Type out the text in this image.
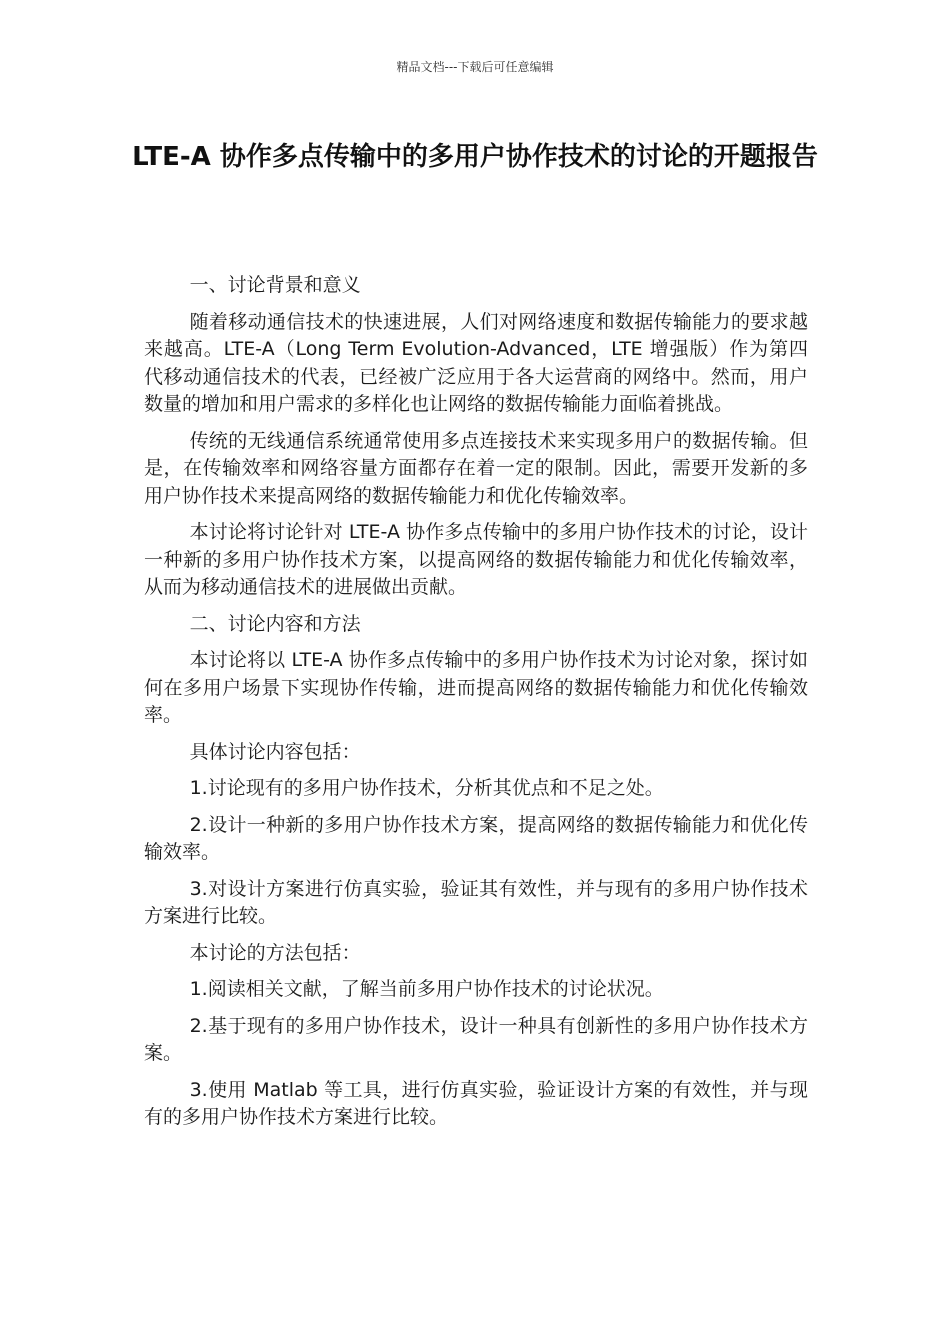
精品文档---下载后可任意编辑
LTE-A 协作多点传输中的多用户协作技术的讨论的开题报告

一、讨论背景和意义

随着移动通信技术的快速进展，人们对网络速度和数据传输能力的要求越来越高。LTE-A（Long Term Evolution-Advanced，LTE 增强版）作为第四代移动通信技术的代表，已经被广泛应用于各大运营商的网络中。然而，用户数量的增加和用户需求的多样化也让网络的数据传输能力面临着挑战。

传统的无线通信系统通常使用多点连接技术来实现多用户的数据传输。但是，在传输效率和网络容量方面都存在着一定的限制。因此，需要开发新的多用户协作技术来提高网络的数据传输能力和优化传输效率。

本讨论将讨论针对 LTE-A 协作多点传输中的多用户协作技术的讨论，设计一种新的多用户协作技术方案，以提高网络的数据传输能力和优化传输效率，从而为移动通信技术的进展做出贡献。

二、讨论内容和方法

本讨论将以 LTE-A 协作多点传输中的多用户协作技术为讨论对象，探讨如何在多用户场景下实现协作传输，进而提高网络的数据传输能力和优化传输效率。

具体讨论内容包括：

1.讨论现有的多用户协作技术，分析其优点和不足之处。

2.设计一种新的多用户协作技术方案，提高网络的数据传输能力和优化传输效率。

3.对设计方案进行仿真实验，验证其有效性，并与现有的多用户协作技术方案进行比较。

本讨论的方法包括：

1.阅读相关文献，了解当前多用户协作技术的讨论状况。

2.基于现有的多用户协作技术，设计一种具有创新性的多用户协作技术方案。

3.使用 Matlab 等工具，进行仿真实验，验证设计方案的有效性，并与现有的多用户协作技术方案进行比较。
